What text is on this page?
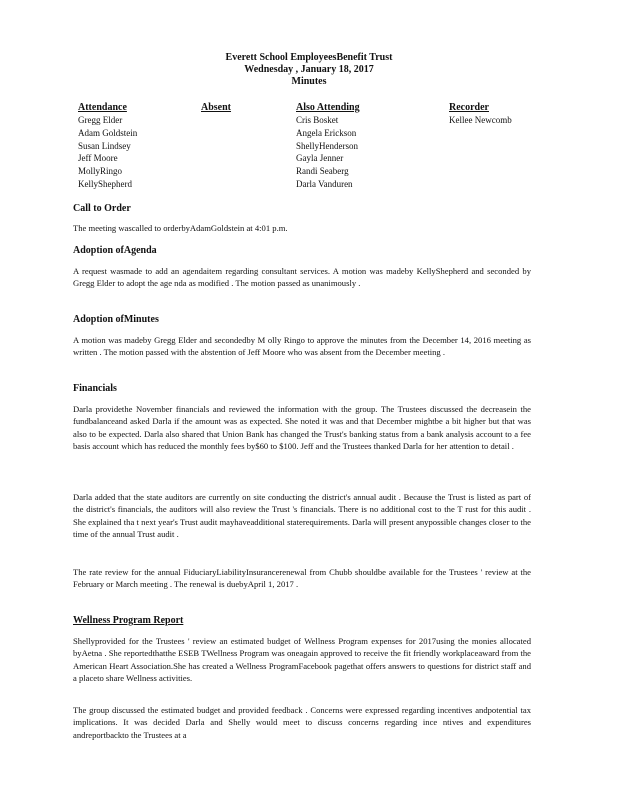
Everett School EmployeesBenefit Trust
Wednesday , January 18, 2017
Minutes
Attendance
Gregg Elder
Adam Goldstein
Susan Lindsey
Jeff Moore
MollyRingo
KellyShepherd
Absent	Also Attending
Cris Bosket
Angela Erickson
ShellyHenderson
Gayla Jenner
Randi Seaberg
Darla Vanduren
Recorder
Kellee Newcomb
Call to Order
The meeting wascalled to orderbyAdamGoldstein at 4:01 p.m.
Adoption ofAgenda
A request wasmade to add an agendaitem regarding consultant services. A motion was madeby KellyShepherd and seconded by Gregg Elder to adopt the age nda as modified . The motion passed as unanimously .
Adoption ofMinutes
A motion was madeby Gregg Elder and secondedby M olly Ringo to approve the minutes from the December 14, 2016 meeting as written . The motion passed with the abstention of Jeff Moore who was absent from the December meeting .
Financials
Darla providethe November financials and reviewed the information with the group. The Trustees discussed the decreasein the fundbalanceand asked Darla if the amount was as expected. She noted it was and that December mightbe a bit higher but that was also to be expected. Darla also shared that Union Bank has changed the Trust's banking status from a bank analysis account to a fee basis account which has reduced the monthly fees by$60 to $100. Jeff and the Trustees thanked Darla for her attention to detail .
Darla added that the state auditors are currently on site conducting the district's annual audit . Because the Trust is listed as part of the district's financials, the auditors will also review the Trust 's financials. There is no additional cost to the T rust for this audit . She explained tha t next year's Trust audit mayhaveadditional staterequirements. Darla will present anypossible changes closer to the time of the annual Trust audit .
The rate review for the annual FiduciaryLiabilityInsurancerenewal from Chubb shouldbe available for the Trustees ' review at the February or March meeting . The renewal is duebyApril 1, 2017 .
Wellness Program Report
Shellyprovided for the Trustees ' review an estimated budget of Wellness Program expenses for 2017using the monies allocated byAetna . She reportedthatthe ESEB TWellness Program was oneagain approved to receive the fit friendly workplaceaward from the American Heart Association.She has created a Wellness ProgramFacebook pagethat offers answers to questions for district staff and a placeto share Wellness activities.
The group discussed the estimated budget and provided feedback . Concerns were expressed regarding incentives andpotential tax implications. It was decided Darla and Shelly would meet to discuss concerns regarding ince ntives and expenditures andreportbackto the Trustees at a
